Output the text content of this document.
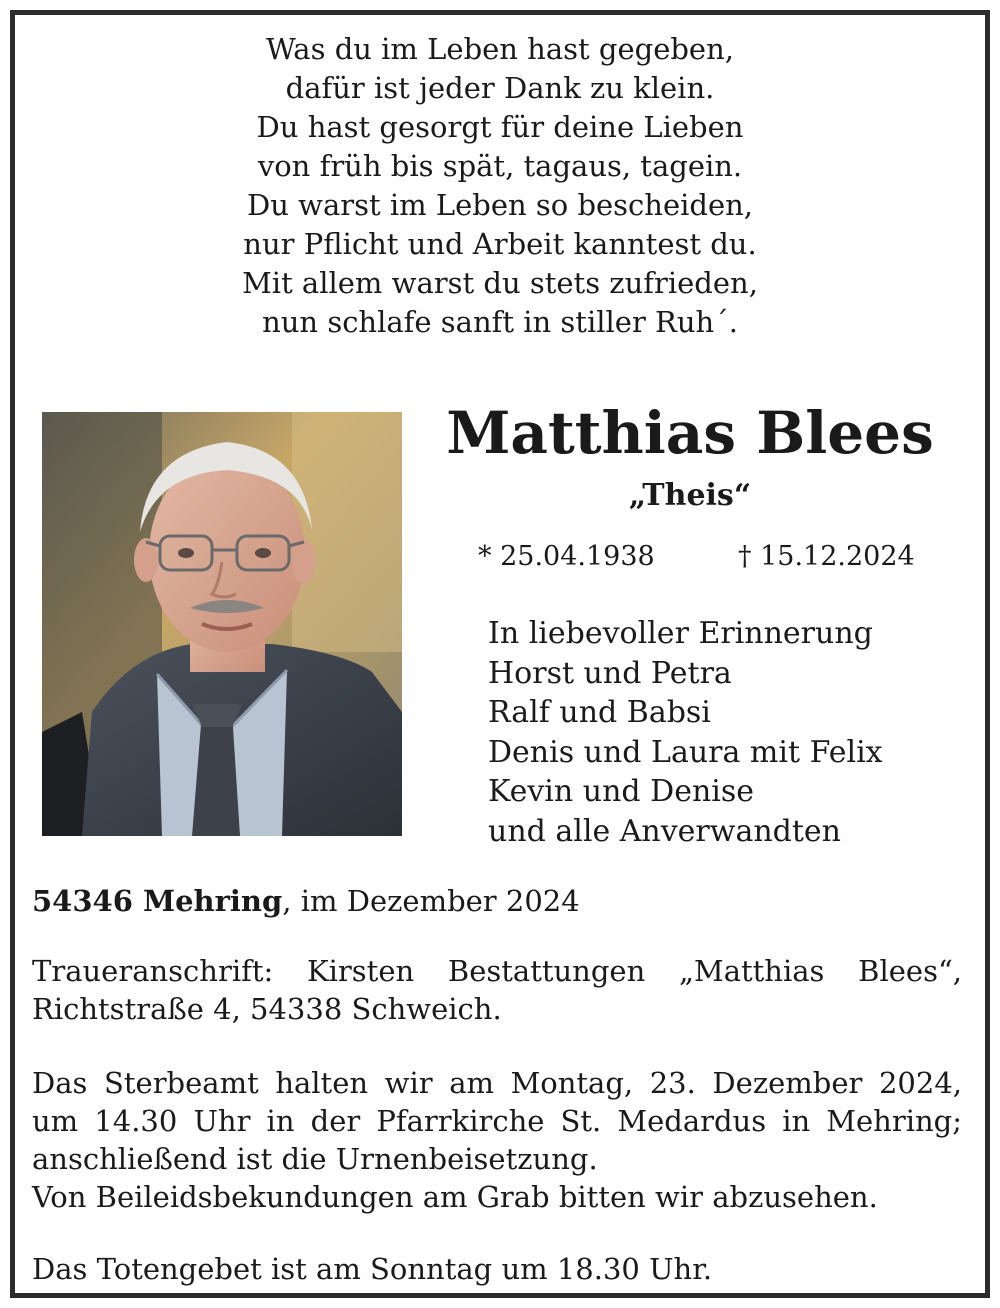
Was du im Leben hast gegeben,
dafür ist jeder Dank zu klein.
Du hast gesorgt für deine Lieben
von früh bis spät, tagaus, tagein.
Du warst im Leben so bescheiden,
nur Pflicht und Arbeit kanntest du.
Mit allem warst du stets zufrieden,
nun schlafe sanft in stiller Ruh´.
Matthias Blees
„Theis“
* 25.04.1938	† 15.12.2024
In liebevoller Erinnerung
Horst und Petra
Ralf und Babsi
Denis und Laura mit Felix
Kevin und Denise
und alle Anverwandten
54346 Mehring, im Dezember 2024
Traueranschrift: Kirsten Bestattungen „Matthias Blees“,
Richtstraße 4, 54338 Schweich.
Das Sterbeamt halten wir am Montag, 23. Dezember 2024,
um 14.30 Uhr in der Pfarrkirche St. Medardus in Mehring;
anschließend ist die Urnenbeisetzung.
Von Beileidsbekundungen am Grab bitten wir abzusehen.
Das Totengebet ist am Sonntag um 18.30 Uhr.
